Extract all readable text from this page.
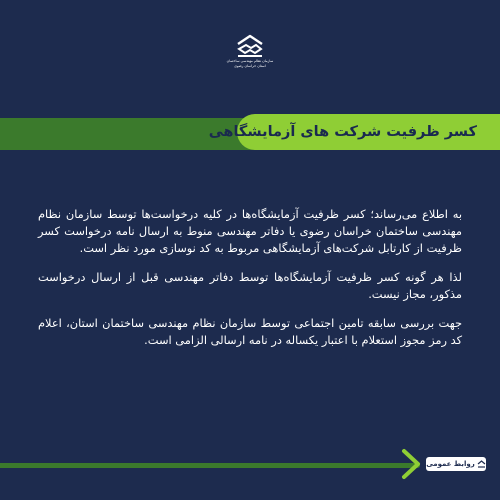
سازمان نظام مهندسی ساختمان
استان خراسان رضوی
کسر ظرفیت شرکت های آزمایشگاهی

به اطلاع می‌رساند؛ کسر ظرفیت آزمایشگاه‌ها در کلیه درخواست‌ها توسط سازمان نظام مهندسی ساختمان خراسان رضوی یا دفاتر مهندسی منوط به ارسال نامه درخواست کسر ظرفیت از کارتابل شرکت‌های آزمایشگاهی مربوط به کد نوسازی مورد نظر است.

لذا هر گونه کسر ظرفیت آزمایشگاه‌ها توسط دفاتر مهندسی قبل از ارسال درخواست مذکور، مجاز نیست.

جهت بررسی سابقه تامین اجتماعی توسط سازمان نظام مهندسی ساختمان استان، اعلام کد رمز مجوز استعلام با اعتبار یکساله در نامه ارسالی الزامی است.

روابط عمومی
